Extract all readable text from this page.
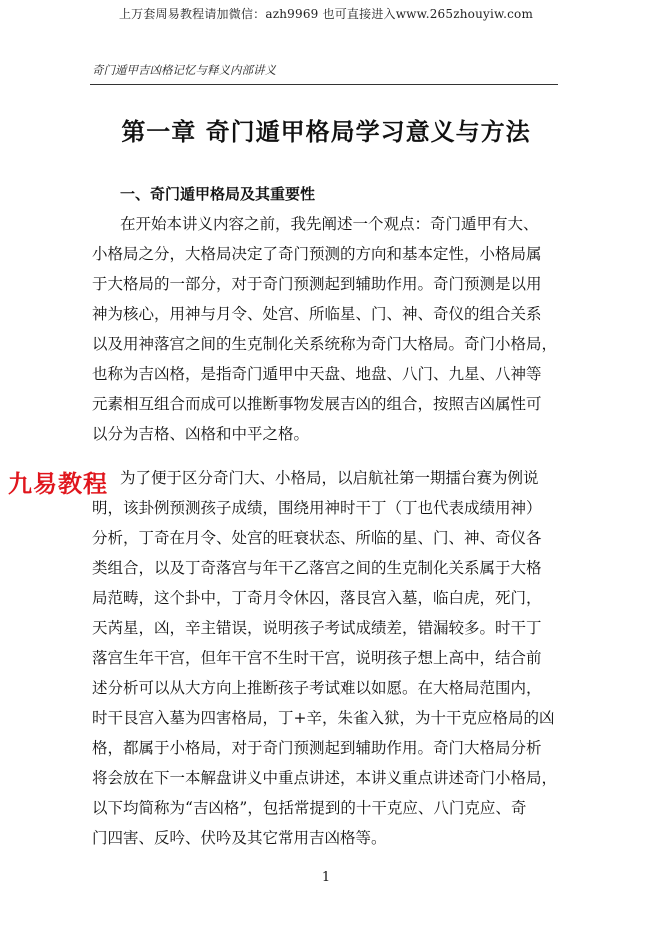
上万套周易教程请加微信：azh9969 也可直接进入www.265zhouyiw.com
奇门遁甲吉凶格记忆与释义内部讲义
第一章 奇门遁甲格局学习意义与方法
一、奇门遁甲格局及其重要性
在开始本讲义内容之前，我先阐述一个观点：奇门遁甲有大、
小格局之分，大格局决定了奇门预测的方向和基本定性，小格局属
于大格局的一部分，对于奇门预测起到辅助作用。奇门预测是以用
神为核心，用神与月令、处宫、所临星、门、神、奇仪的组合关系
以及用神落宫之间的生克制化关系统称为奇门大格局。奇门小格局，
也称为吉凶格，是指奇门遁甲中天盘、地盘、八门、九星、八神等
元素相互组合而成可以推断事物发展吉凶的组合，按照吉凶属性可
以分为吉格、凶格和中平之格。
九易教程 为了便于区分奇门大、小格局，以启航社第一期擂台赛为例说
明，该卦例预测孩子成绩，围绕用神时干丁（丁也代表成绩用神）
分析，丁奇在月令、处宫的旺衰状态、所临的星、门、神、奇仪各
类组合，以及丁奇落宫与年干乙落宫之间的生克制化关系属于大格
局范畴，这个卦中，丁奇月令休囚，落艮宫入墓，临白虎，死门，
天芮星，凶，辛主错误，说明孩子考试成绩差，错漏较多。时干丁
落宫生年干宫，但年干宫不生时干宫，说明孩子想上高中，结合前
述分析可以从大方向上推断孩子考试难以如愿。在大格局范围内，
时干艮宫入墓为四害格局，丁+辛，朱雀入狱，为十干克应格局的凶
格，都属于小格局，对于奇门预测起到辅助作用。奇门大格局分析
将会放在下一本解盘讲义中重点讲述，本讲义重点讲述奇门小格局，
以下均简称为“吉凶格”，包括常提到的十干克应、八门克应、奇
门四害、反吟、伏吟及其它常用吉凶格等。
1
